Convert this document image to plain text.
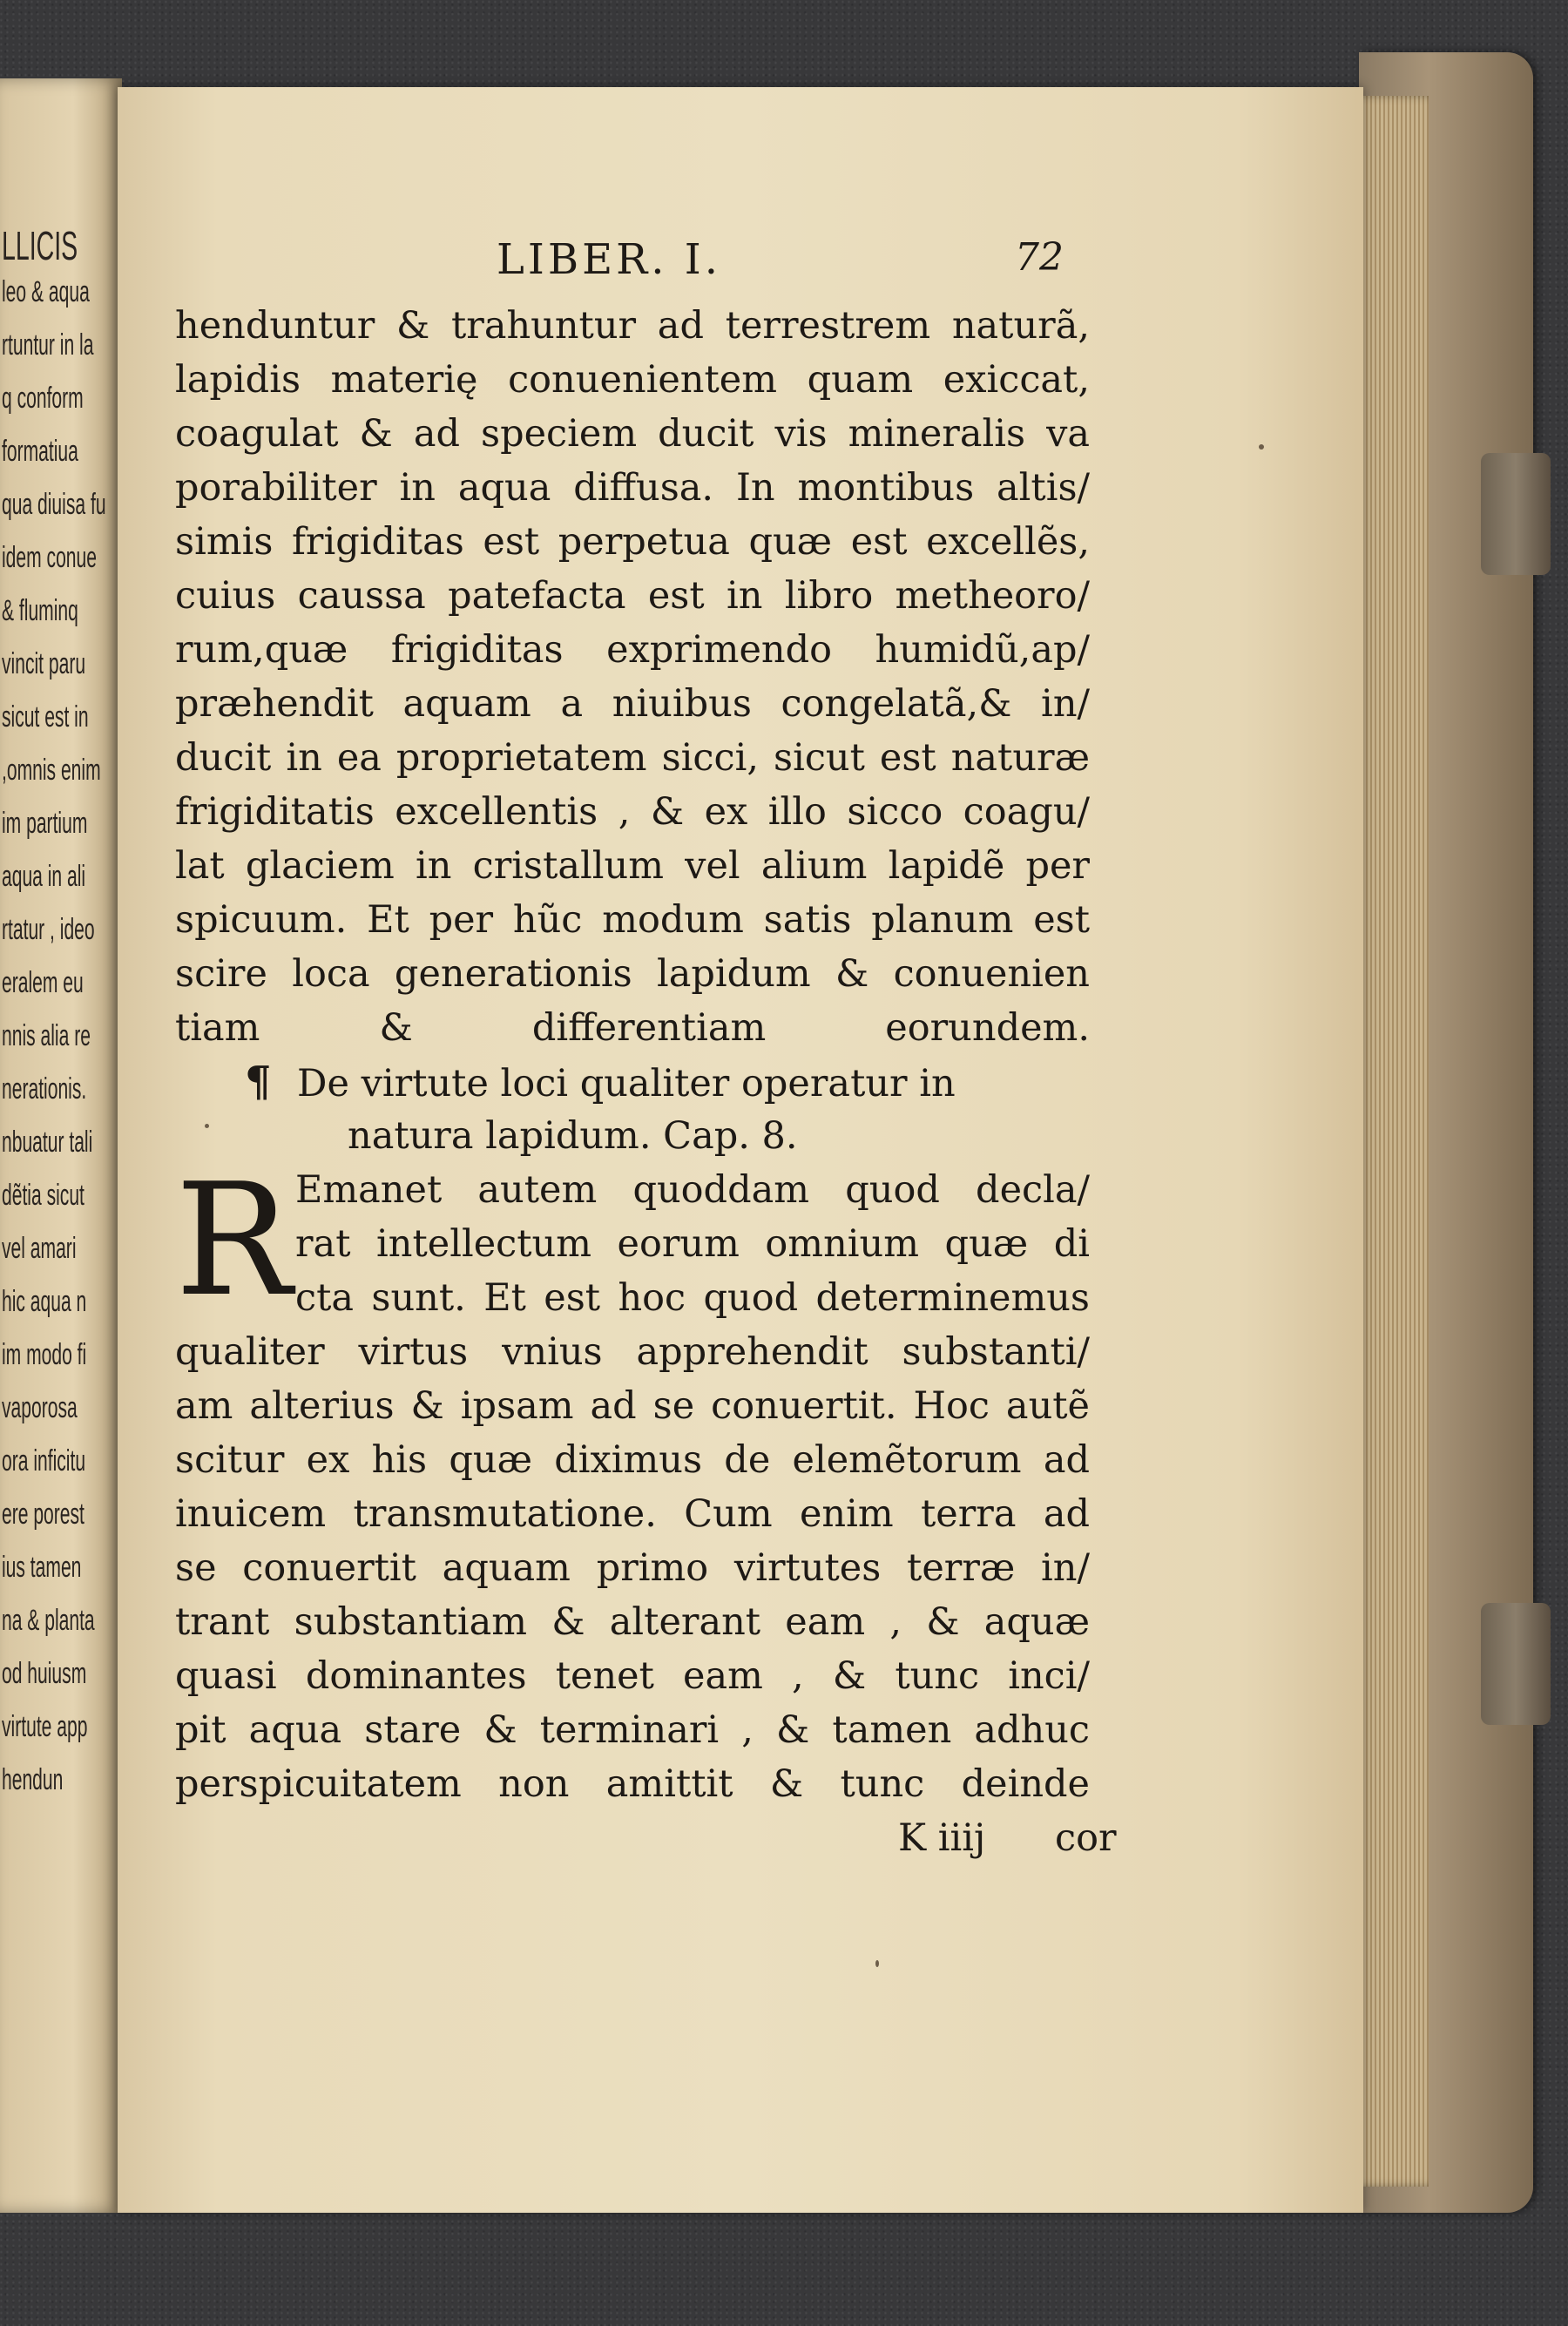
LLICIS
leo & aqua
rtuntur in la
q conform
formatiua
qua diuisa fu
idem conue
& fluminq
vincit paru
sicut est in
,omnis enim
im partium
aqua in ali
rtatur , ideo
eralem eu
nnis alia re
nerationis.
nbuatur tali
dẽtia sicut
vel amari
hic aqua n
im modo fi
vaporosa
ora inficitu
ere porest
ius tamen
na & planta
od huiusm
virtute app
hendun
LIBER. I.	72
henduntur & trahuntur ad terrestrem naturã,
lapidis materię conuenientem quam exiccat,
coagulat & ad speciem ducit vis mineralis va
porabiliter in aqua diffusa. In montibus altis/
simis frigiditas est perpetua quæ est excellẽs,
cuius caussa patefacta est in libro metheoro/
rum,quæ frigiditas exprimendo humidũ,ap/
præhendit aquam a niuibus congelatã,& in/
ducit in ea proprietatem sicci, sicut est naturæ
frigiditatis excellentis , & ex illo sicco coagu/
lat glaciem in cristallum vel alium lapidẽ per
spicuum. Et per hũc modum satis planum est
scire loca generationis lapidum & conuenien
tiam & differentiam eorundem.
¶ De virtute loci qualiter operatur in
natura lapidum. Cap. 8.
R Emanet autem quoddam quod decla/
rat intellectum eorum omnium quæ di
cta sunt. Et est hoc quod determinemus
qualiter virtus vnius apprehendit substanti/
am alterius & ipsam ad se conuertit. Hoc autẽ
scitur ex his quæ diximus de elemẽtorum ad
inuicem transmutatione. Cum enim terra ad
se conuertit aquam primo virtutes terræ in/
trant substantiam & alterant eam , & aquæ
quasi dominantes tenet eam , & tunc inci/
pit aqua stare & terminari , & tamen adhuc
perspicuitatem non amittit & tunc deinde
K iiij cor
